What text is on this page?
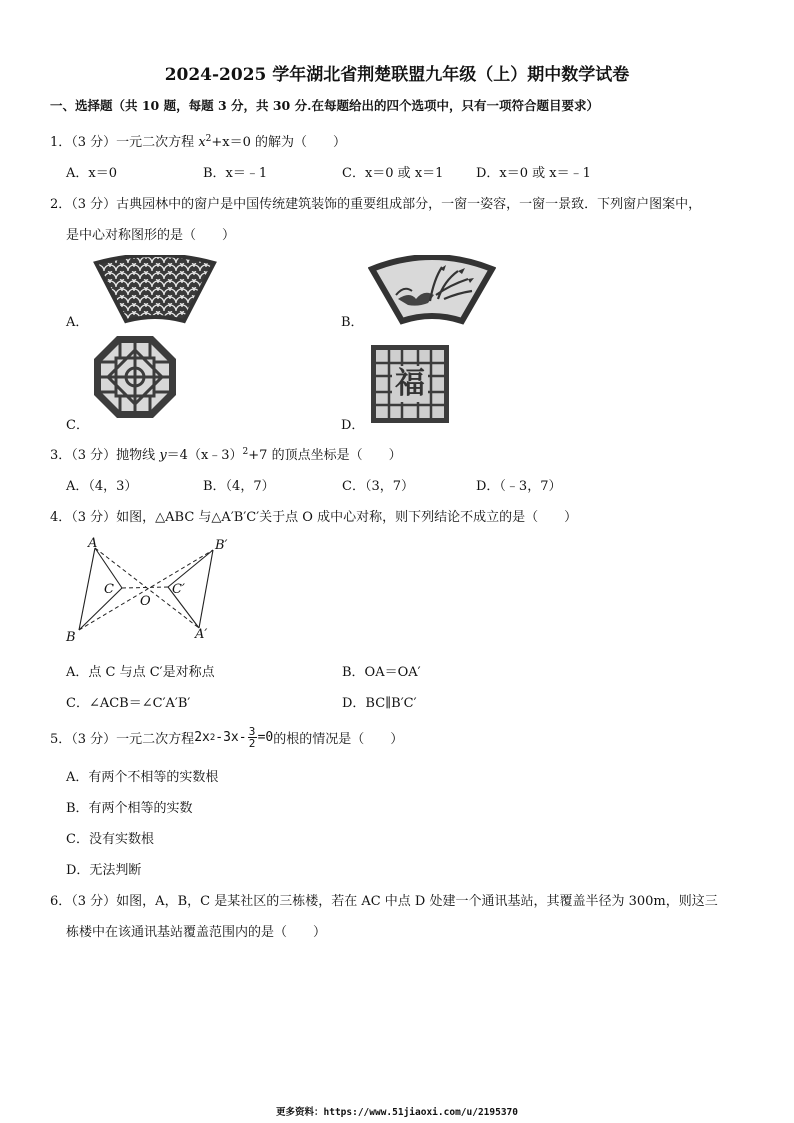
2024-2025 学年湖北省荆楚联盟九年级（上）期中数学试卷
一、选择题（共 10 题，每题 3 分，共 30 分.在每题给出的四个选项中，只有一项符合题目要求）
1．（3 分）一元二次方程 $x^2+x=0$ 的解为（　　）
A．x＝0	B．x＝﹣1	C．x＝0 或 x＝1	D．x＝0 或 x＝﹣1
2．（3 分）古典园林中的窗户是中国传统建筑装饰的重要组成部分，一窗一姿容，一窗一景致．下列窗户图案中，
是中心对称图形的是（　　）
A．	B．
C．
福
D．
3．（3 分）抛物线 y＝4（x﹣3）$^2$+7 的顶点坐标是（　　）
A．（4，3）	B．（4，7）	C．（3，7）	D．（﹣3，7）
4．（3 分）如图，△ABC 与△A′B′C′关于点 O 成中心对称，则下列结论不成立的是（　　）
A
B
C
O
C′
B′
A′
A．点 C 与点 C′是对称点	B．OA＝OA′
C．∠ACB＝∠C′A′B′	D．BC∥B′C′
5．（3 分）一元二次方程 2x 2 -3x- 3
2 =0 的根的情况是（　　）
A．有两个不相等的实数根
B．有两个相等的实数
C．没有实数根
D．无法判断
6．（3 分）如图，A，B，C 是某社区的三栋楼，若在 AC 中点 D 处建一个通讯基站，其覆盖半径为 300m，则这三
栋楼中在该通讯基站覆盖范围内的是（　　）
更多资料：https://www.51jiaoxi.com/u/2195370
